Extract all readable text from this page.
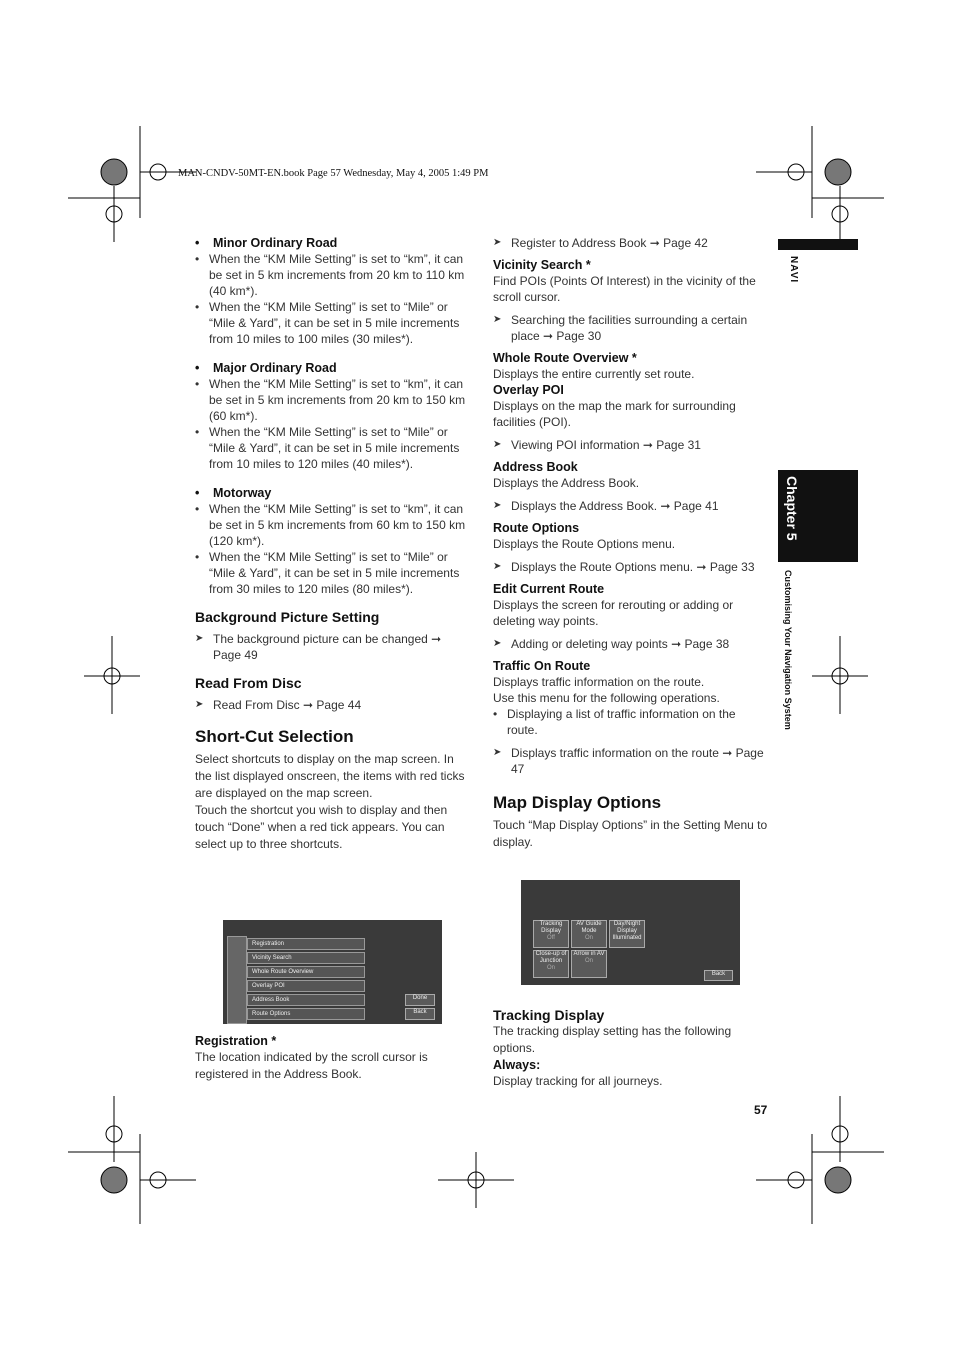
MAN-CNDV-50MT-EN.book Page 57 Wednesday, May 4, 2005 1:49 PM
NAVI
Chapter 5
Customising Your Navigation System
57

• Minor Ordinary Road

• When the “KM Mile Setting” is set to “km”, it can be set in 5 km increments from 20 km to 110 km (40 km*).

• When the “KM Mile Setting” is set to “Mile” or “Mile & Yard”, it can be set in 5 mile increments from 10 miles to 100 miles (30 miles*).

• Major Ordinary Road

• When the “KM Mile Setting” is set to “km”, it can be set in 5 km increments from 20 km to 150 km (60 km*).

• When the “KM Mile Setting” is set to “Mile” or “Mile & Yard”, it can be set in 5 mile increments from 10 miles to 120 miles (40 miles*).

• Motorway

• When the “KM Mile Setting” is set to “km”, it can be set in 5 km increments from 60 km to 150 km (120 km*).

• When the “KM Mile Setting” is set to “Mile” or “Mile & Yard”, it can be set in 5 mile increments from 30 miles to 120 miles (80 miles*).

Background Picture Setting

➤ The background picture can be changed ➞ Page 49

Read From Disc

➤ Read From Disc ➞ Page 44

Short-Cut Selection

Select shortcuts to display on the map screen. In the list displayed onscreen, the items with red ticks are displayed on the map screen.

Touch the shortcut you wish to display and then touch “Done” when a red tick appears. You can select up to three shortcuts.

Registration
Vicinity Search
Whole Route Overview
Overlay POI
Address Book
Route Options
Done
Back

Registration *

The location indicated by the scroll cursor is registered in the Address Book.

➤ Register to Address Book ➞ Page 42

Vicinity Search *

Find POIs (Points Of Interest) in the vicinity of the scroll cursor.

➤ Searching the facilities surrounding a certain place ➞ Page 30

Whole Route Overview *

Displays the entire currently set route.

Overlay POI

Displays on the map the mark for surrounding facilities (POI).

➤ Viewing POI information ➞ Page 31

Address Book

Displays the Address Book.

➤ Displays the Address Book. ➞ Page 41

Route Options

Displays the Route Options menu.

➤ Displays the Route Options menu. ➞ Page 33

Edit Current Route

Displays the screen for rerouting or adding or deleting way points.

➤ Adding or deleting way points ➞ Page 38

Traffic On Route

Displays traffic information on the route.

Use this menu for the following operations.

• Displaying a list of traffic information on the route.

➤ Displays traffic information on the route ➞ Page 47

Map Display Options

Touch “Map Display Options” in the Setting Menu to display.

Tracking Display
Off
AV Guide Mode
On
Day/Night Display Illuminated
Close-up of Junction
On
Arrow in AV
On
Back

Tracking Display

The tracking display setting has the following options.

Always:

Display tracking for all journeys.
